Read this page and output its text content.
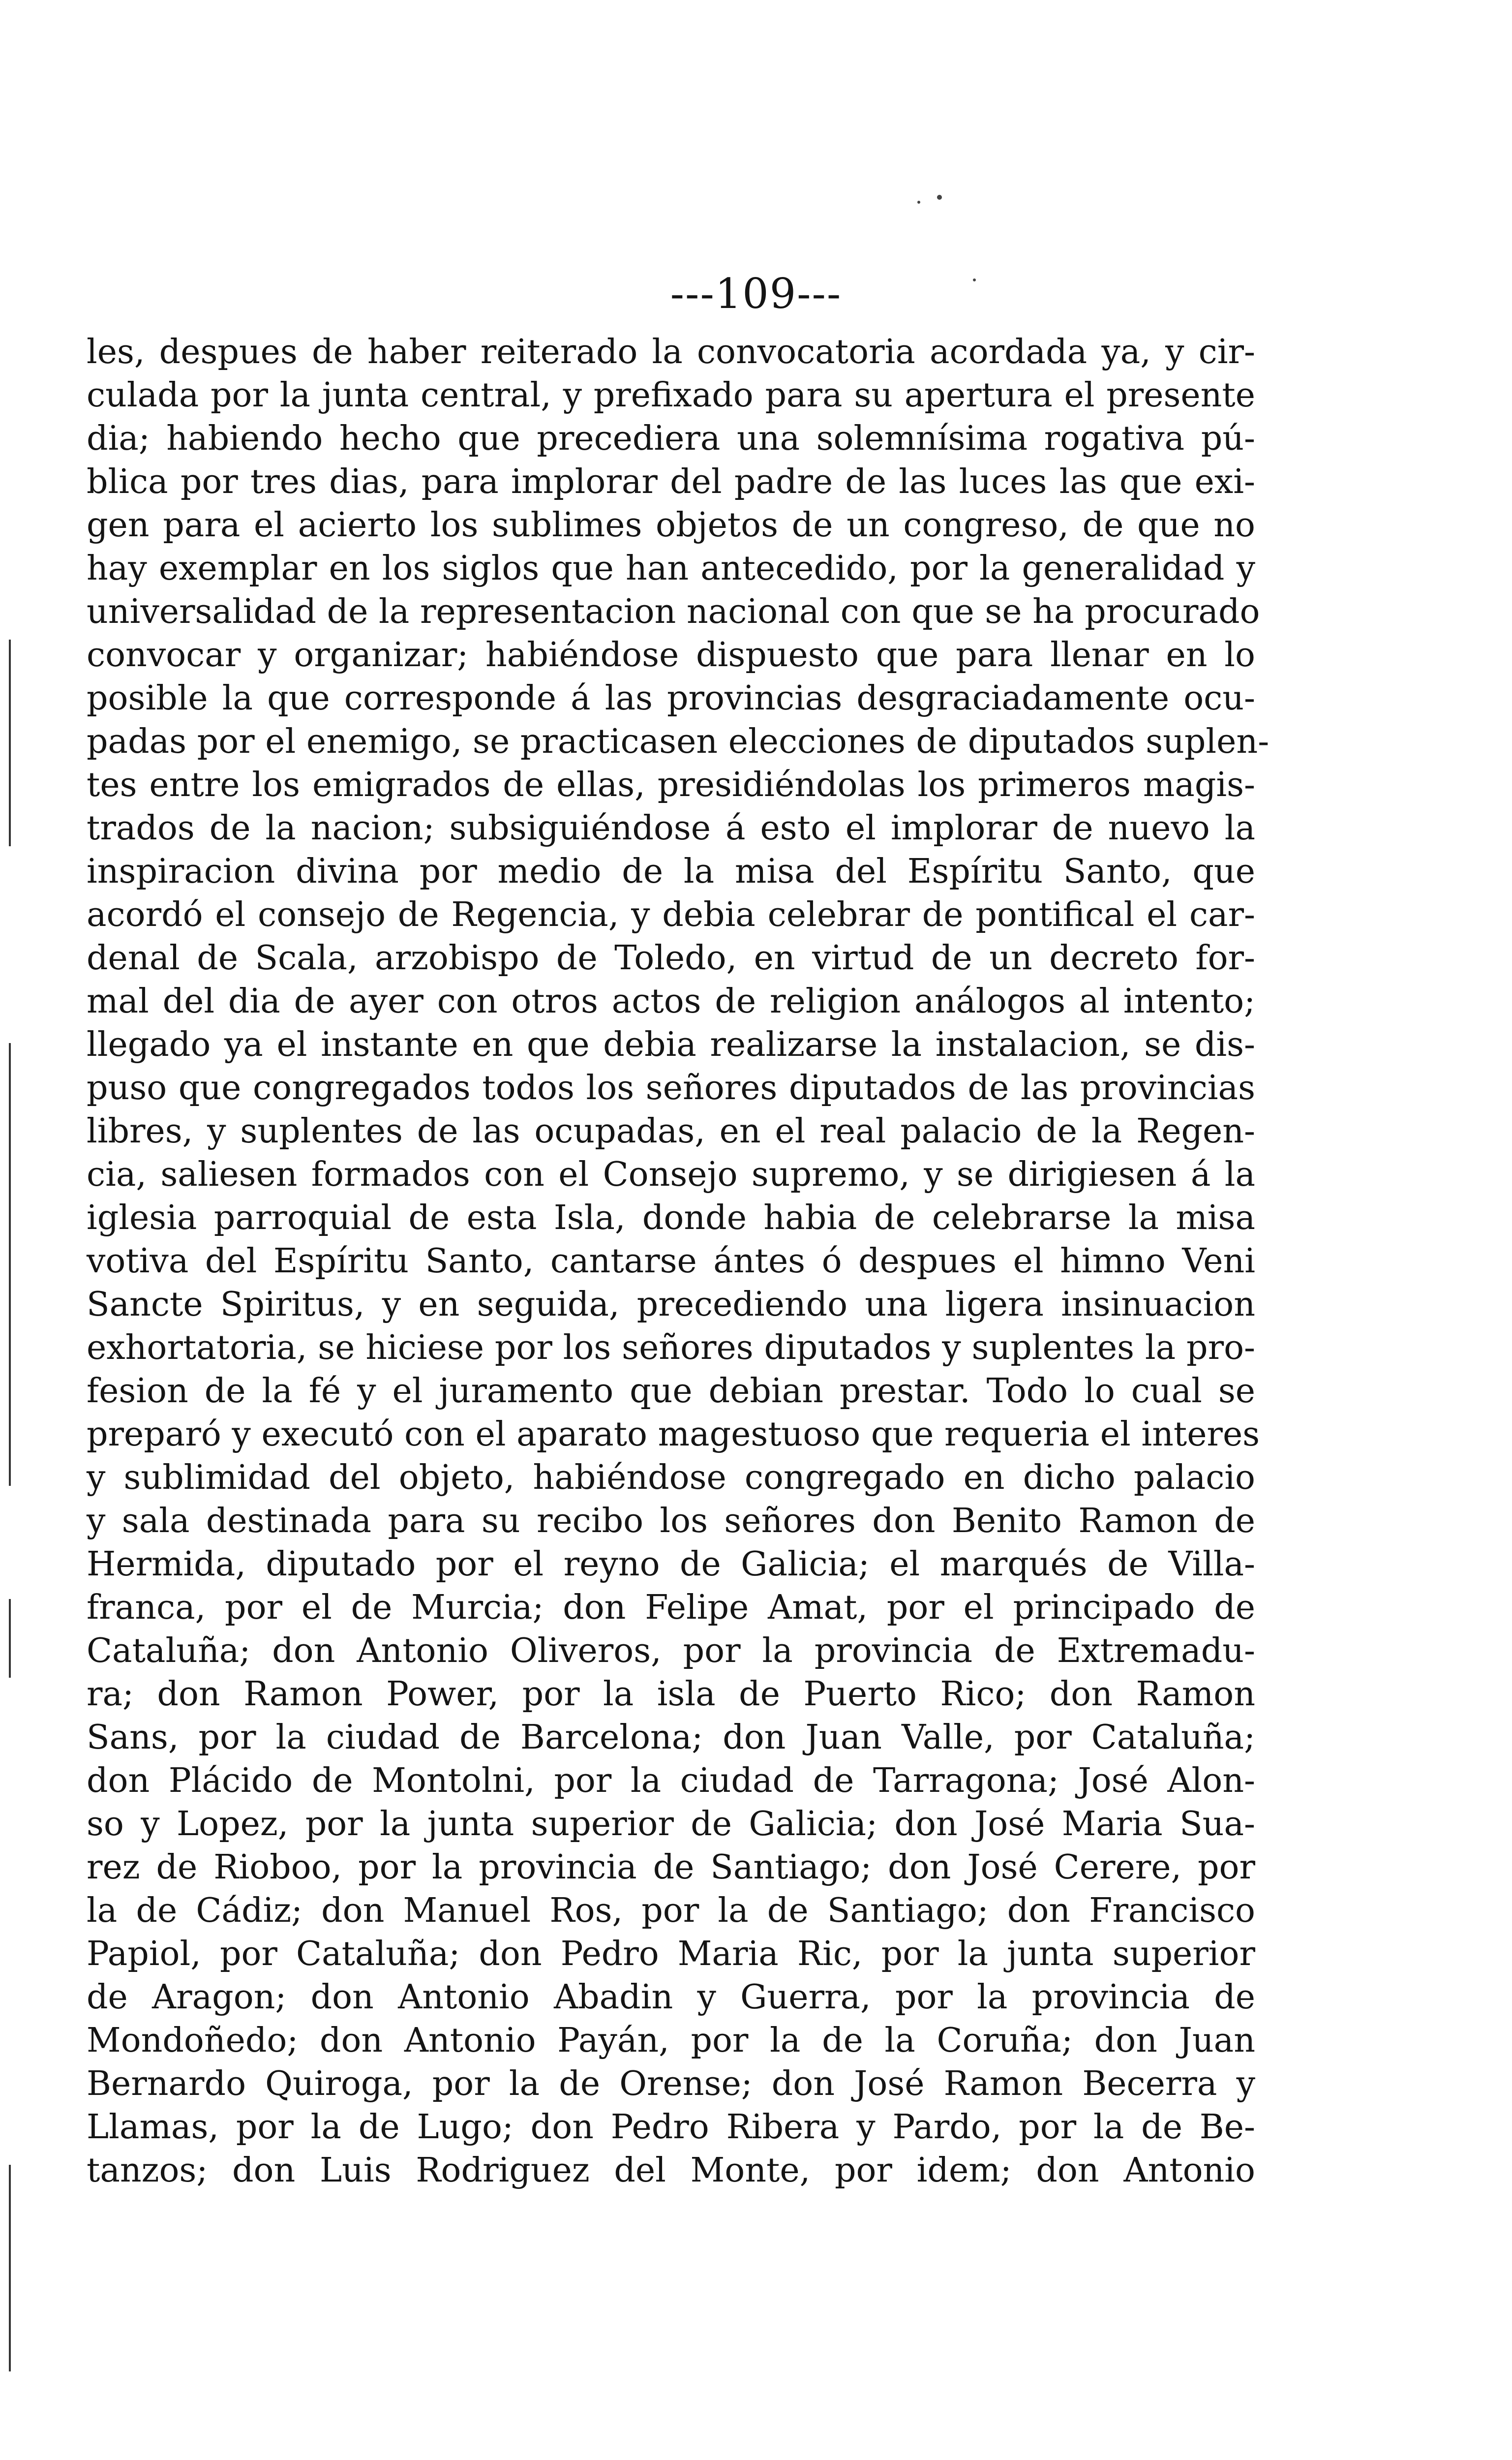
---109---
les, despues de haber reiterado la convocatoria acordada ya, y cir-
culada por la junta central, y prefixado para su apertura el presente
dia; habiendo hecho que precediera una solemnísima rogativa pú-
blica por tres dias, para implorar del padre de las luces las que exi-
gen para el acierto los sublimes objetos de un congreso, de que no
hay exemplar en los siglos que han antecedido, por la generalidad y
universalidad de la representacion nacional con que se ha procurado
convocar y organizar; habiéndose dispuesto que para llenar en lo
posible la que corresponde á las provincias desgraciadamente ocu-
padas por el enemigo, se practicasen elecciones de diputados suplen-
tes entre los emigrados de ellas, presidiéndolas los primeros magis-
trados de la nacion; subsiguiéndose á esto el implorar de nuevo la
inspiracion divina por medio de la misa del Espíritu Santo, que
acordó el consejo de Regencia, y debia celebrar de pontifical el car-
denal de Scala, arzobispo de Toledo, en virtud de un decreto for-
mal del dia de ayer con otros actos de religion análogos al intento;
llegado ya el instante en que debia realizarse la instalacion, se dis-
puso que congregados todos los señores diputados de las provincias
libres, y suplentes de las ocupadas, en el real palacio de la Regen-
cia, saliesen formados con el Consejo supremo, y se dirigiesen á la
iglesia parroquial de esta Isla, donde habia de celebrarse la misa
votiva del Espíritu Santo, cantarse ántes ó despues el himno Veni
Sancte Spiritus, y en seguida, precediendo una ligera insinuacion
exhortatoria, se hiciese por los señores diputados y suplentes la pro-
fesion de la fé y el juramento que debian prestar. Todo lo cual se
preparó y executó con el aparato magestuoso que requeria el interes
y sublimidad del objeto, habiéndose congregado en dicho palacio
y sala destinada para su recibo los señores don Benito Ramon de
Hermida, diputado por el reyno de Galicia; el marqués de Villa-
franca, por el de Murcia; don Felipe Amat, por el principado de
Cataluña; don Antonio Oliveros, por la provincia de Extremadu-
ra; don Ramon Power, por la isla de Puerto Rico; don Ramon
Sans, por la ciudad de Barcelona; don Juan Valle, por Cataluña;
don Plácido de Montolni, por la ciudad de Tarragona; José Alon-
so y Lopez, por la junta superior de Galicia; don José Maria Sua-
rez de Rioboo, por la provincia de Santiago; don José Cerere, por
la de Cádiz; don Manuel Ros, por la de Santiago; don Francisco
Papiol, por Cataluña; don Pedro Maria Ric, por la junta superior
de Aragon; don Antonio Abadin y Guerra, por la provincia de
Mondoñedo; don Antonio Payán, por la de la Coruña; don Juan
Bernardo Quiroga, por la de Orense; don José Ramon Becerra y
Llamas, por la de Lugo; don Pedro Ribera y Pardo, por la de Be-
tanzos; don Luis Rodriguez del Monte, por idem; don Antonio
